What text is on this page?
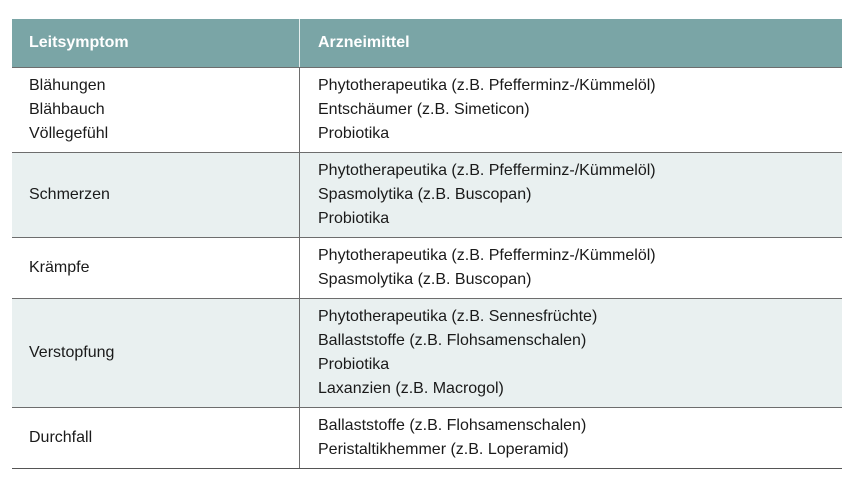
Leitsymptom	Arzneimittel
Blähungen
Blähbauch
Völlegefühl
Phytotherapeutika (z.B. Pfefferminz-/Kümmelöl)
Entschäumer (z.B. Simeticon)
Probiotika
Schmerzen
Phytotherapeutika (z.B. Pfefferminz-/Kümmelöl)
Spasmolytika (z.B. Buscopan)
Probiotika
Krämpfe
Phytotherapeutika (z.B. Pfefferminz-/Kümmelöl)
Spasmolytika (z.B. Buscopan)
Verstopfung
Phytotherapeutika (z.B. Sennesfrüchte)
Ballaststoffe (z.B. Flohsamenschalen)
Probiotika
Laxanzien (z.B. Macrogol)
Durchfall
Ballaststoffe (z.B. Flohsamenschalen)
Peristaltikhemmer (z.B. Loperamid)
